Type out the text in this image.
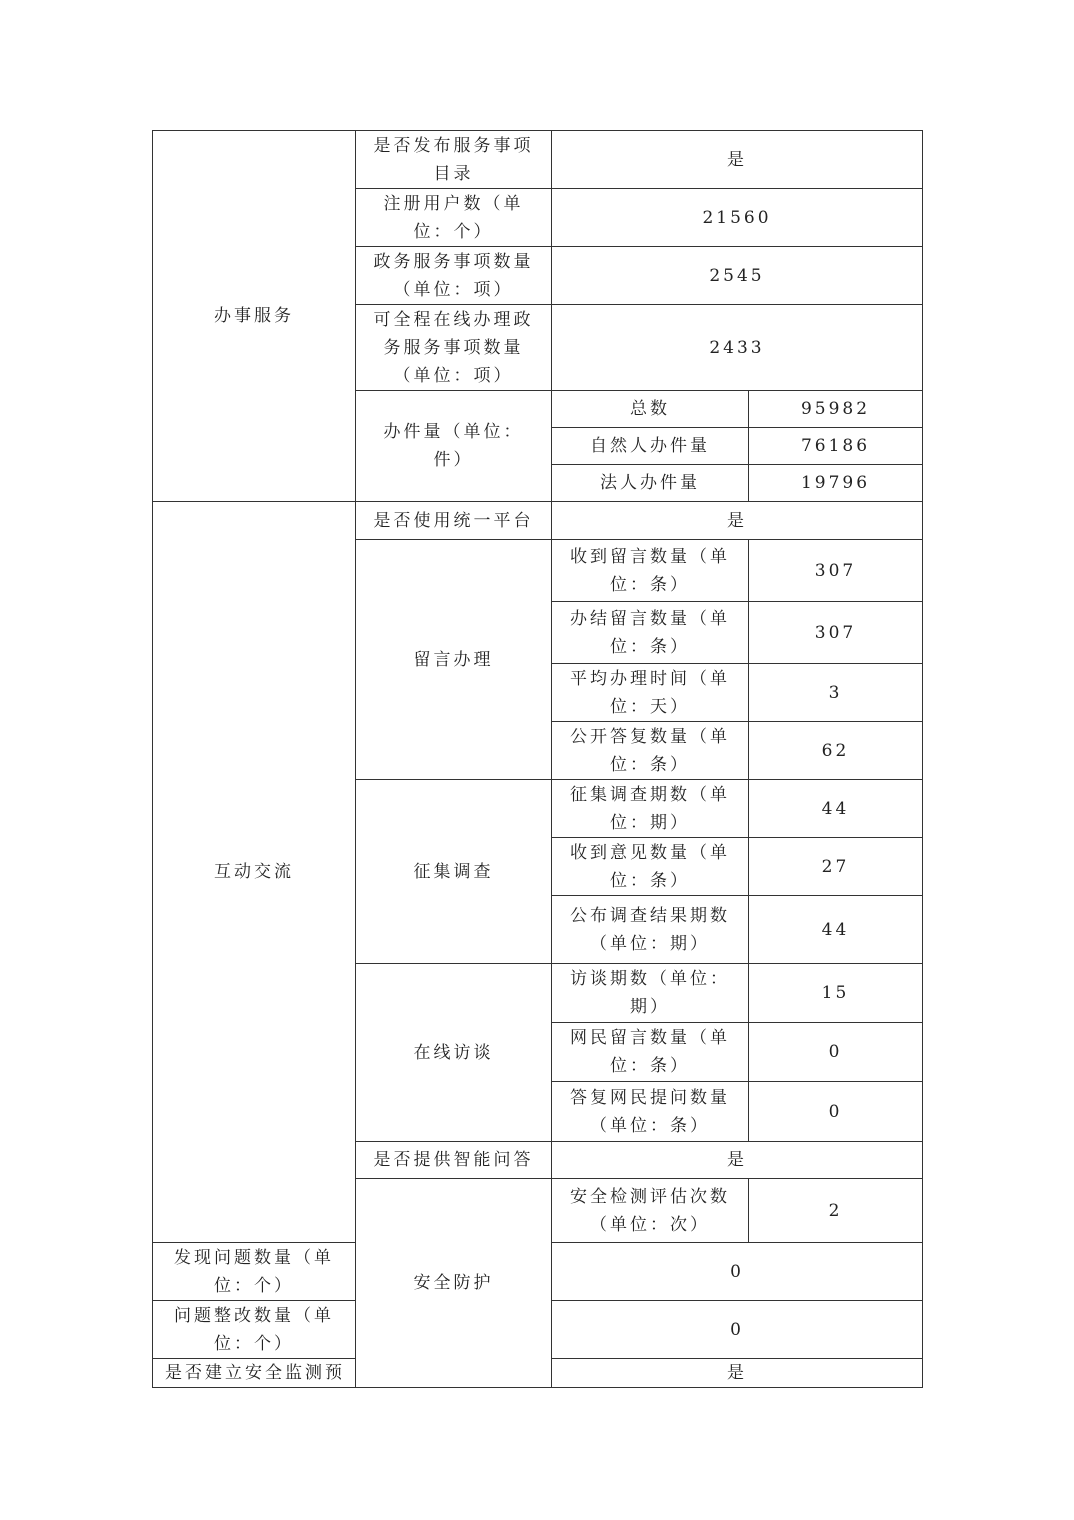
办事服务	是否发布服务事项目录	是	
	注册用户数（单位：个）	21560	
	政务服务事项数量（单位：项）	2545	
	可全程在线办理政务服务事项数量（单位：项）	2433	
	办件量（单位：件）	总数	95982
		自然人办件量	76186
		法人办件量	19796
互动交流	是否使用统一平台	是	
	留言办理	收到留言数量（单位：条）	307
		办结留言数量（单位：条）	307
		平均办理时间（单位：天）	3
		公开答复数量（单位：条）	62
	征集调查	征集调查期数（单位：期）	44
		收到意见数量（单位：条）	27
		公布调查结果期数（单位：期）	44
	在线访谈	访谈期数（单位：期）	15
		网民留言数量（单位：条）	0
		答复网民提问数量（单位：条）	0
	是否提供智能问答	是	
	安全防护	安全检测评估次数（单位：次）	2
发现问题数量（单位：个）		0	
问题整改数量（单位：个）		0	
是否建立安全监测预		是	
